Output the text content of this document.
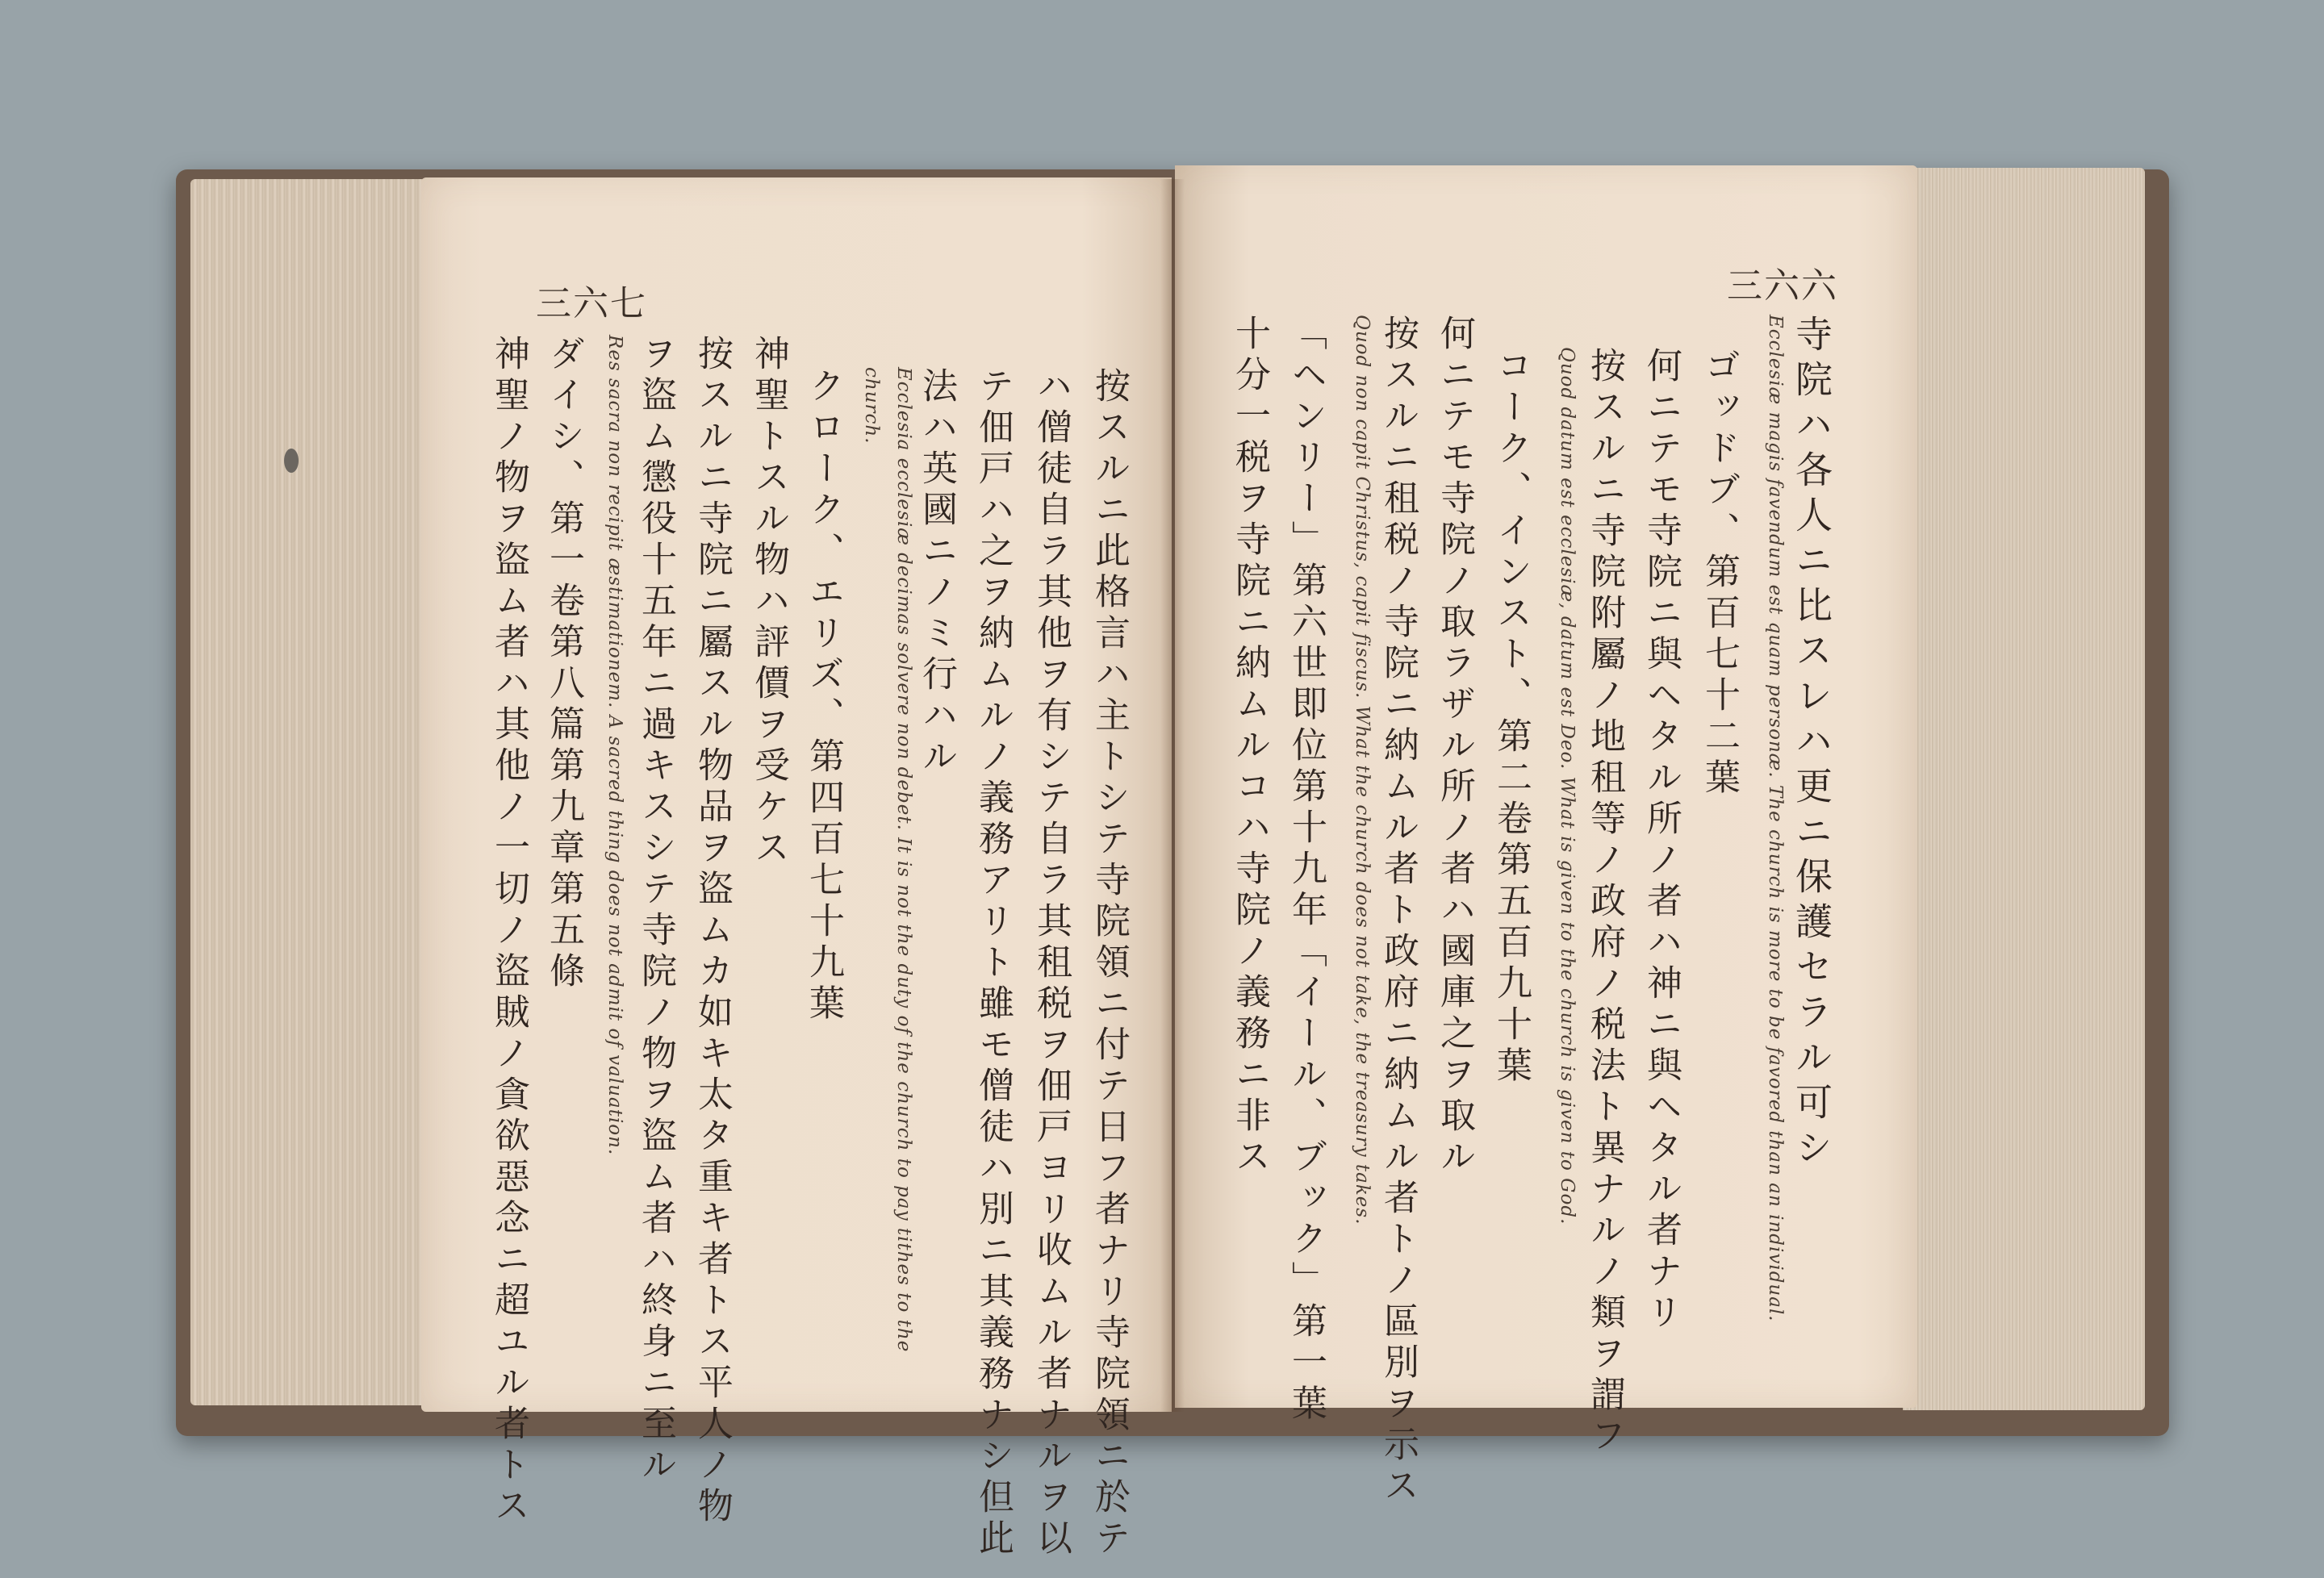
三六七	三六六
按スルニ此格言ハ主トシテ寺院領ニ付テ日フ者ナリ寺院領ニ於テ
ハ僧徒自ラ其他ヲ有シテ自ラ其租税ヲ佃戸ヨリ收ムル者ナルヲ以
テ佃戸ハ之ヲ納ムルノ義務アリト雖モ僧徒ハ別ニ其義務ナシ但此
法ハ英國ニノミ行ハル
Ecclesia ecclesiæ decimas solvere non debet. It is not the duty of the church to pay tithes to the
church.
クローク、エリズ、第四百七十九葉
神聖トスル物ハ評價ヲ受ケス
按スルニ寺院ニ屬スル物品ヲ盜ムカ如キ太タ重キ者トス平人ノ物
ヲ盜ム懲役十五年ニ過キスシテ寺院ノ物ヲ盜ム者ハ終身ニ至ル
Res sacra non recipit æstimationem. A sacred thing does not admit of valuation.
ダイシ、第一卷第八篇第九章第五條
神聖ノ物ヲ盜ム者ハ其他ノ一切ノ盜賊ノ貪欲惡念ニ超ユル者トス	寺院ハ各人ニ比スレハ更ニ保護セラル可シ
Ecclesiæ magis favendum est quam personæ. The church is more to be favored than an individual.
ゴッドブ、第百七十二葉
何ニテモ寺院ニ與ヘタル所ノ者ハ神ニ與ヘタル者ナリ
按スルニ寺院附屬ノ地租等ノ政府ノ税法ト異ナルノ類ヲ謂フ
Quod datum est ecclesiæ, datum est Deo. What is given to the church is given to God.
コーク、インスト、第二卷第五百九十葉
何ニテモ寺院ノ取ラザル所ノ者ハ國庫之ヲ取ル
按スルニ租税ノ寺院ニ納ムル者ト政府ニ納ムル者トノ區別ヲ示ス
Quod non capit Christus, capit fiscus. What the church does not take, the treasury takes.
「ヘンリー」第六世即位第十九年「イール、ブック」第一葉
十分一税ヲ寺院ニ納ムルコハ寺院ノ義務ニ非ス
